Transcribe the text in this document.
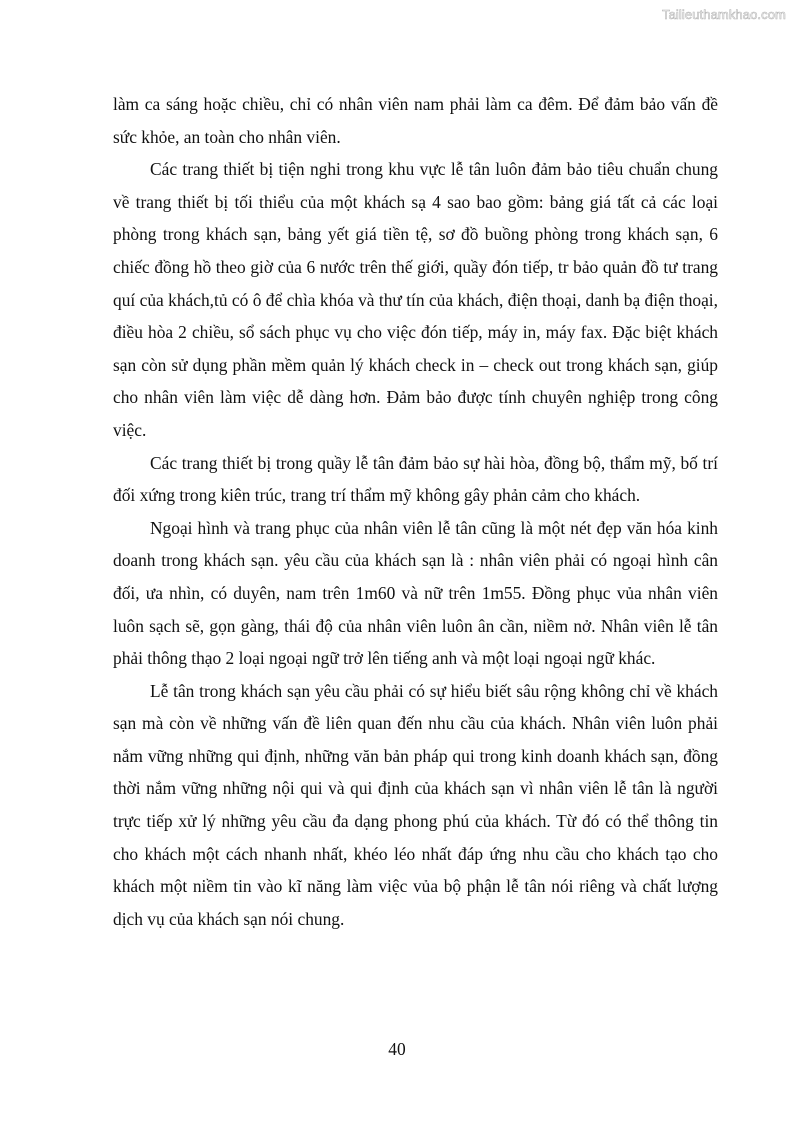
Tailieuthamkhao.com

làm ca sáng hoặc chiều, chỉ có nhân viên nam phải làm ca đêm. Để đảm bảo vấn đề sức khỏe, an toàn cho nhân viên.

Các trang thiết bị tiện nghi trong khu vực lễ tân luôn đảm bảo tiêu chuẩn chung về trang thiết bị tối thiểu của một khách sạ 4 sao bao gồm: bảng giá tất cả các loại phòng trong khách sạn, bảng yết giá tiền tệ, sơ đồ buồng phòng trong khách sạn, 6 chiếc đồng hồ theo giờ của 6 nước trên thế giới, quầy đón tiếp, tr bảo quản đồ tư trang quí của khách,tủ có ô để chìa khóa và thư tín của khách, điện thoại, danh bạ điện thoại, điều hòa 2 chiều, sổ sách phục vụ cho việc đón tiếp, máy in, máy fax. Đặc biệt khách sạn còn sử dụng phần mềm quản lý khách check in – check out trong khách sạn, giúp cho nhân viên làm việc dễ dàng hơn. Đảm bảo được tính chuyên nghiệp trong công việc.

Các trang thiết bị trong quầy lễ tân đảm bảo sự hài hòa, đồng bộ, thẩm mỹ, bố trí đối xứng trong kiên trúc, trang trí thẩm mỹ không gây phản cảm cho khách.

Ngoại hình và trang phục của nhân viên lễ tân cũng là một nét đẹp văn hóa kinh doanh trong khách sạn. yêu cầu của khách sạn là : nhân viên phải có ngoại hình cân đối, ưa nhìn, có duyên, nam trên 1m60 và nữ trên 1m55. Đồng phục vủa nhân viên luôn sạch sẽ, gọn gàng, thái độ của nhân viên luôn ân cần, niềm nở. Nhân viên lễ tân phải thông thạo 2 loại ngoại ngữ trở lên tiếng anh và một loại ngoại ngữ khác.

Lễ tân trong khách sạn yêu cầu phải có sự hiểu biết sâu rộng không chỉ về khách sạn mà còn về những vấn đề liên quan đến nhu cầu của khách. Nhân viên luôn phải nắm vững những qui định, những văn bản pháp qui trong kinh doanh khách sạn, đồng thời nắm vững những nội qui và qui định của khách sạn vì nhân viên lễ tân là người trực tiếp xử lý những yêu cầu đa dạng phong phú của khách. Từ đó có thể thông tin cho khách một cách nhanh nhất, khéo léo nhất đáp ứng nhu cầu cho khách tạo cho khách một niềm tin vào kĩ năng làm việc vủa bộ phận lễ tân nói riêng và chất lượng dịch vụ của khách sạn nói chung.

40
